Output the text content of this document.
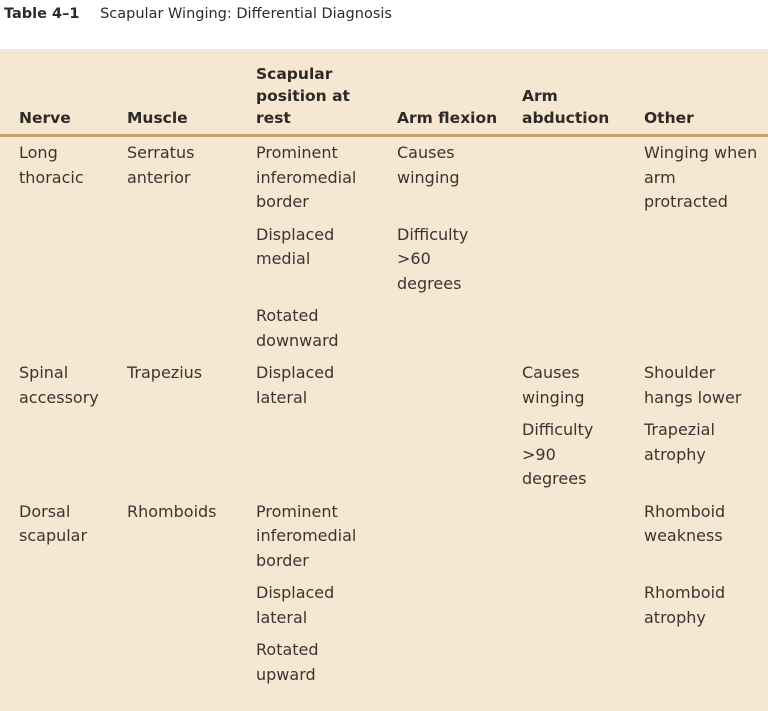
Table 4–1 Scapular Winging: Differential Diagnosis
Nerve	Muscle	Scapular position at rest	Arm flexion	Arm abduction	Other
Long thoracic	Serratus anterior	Prominent inferomedial border	Causes winging		Winging when arm protracted
		Displaced medial	Difficulty >60 degrees		
		Rotated downward			
Spinal accessory	Trapezius	Displaced lateral		Causes winging	Shoulder hangs lower
				Difficulty >90 degrees	Trapezial atrophy
Dorsal scapular	Rhomboids	Prominent inferomedial border			Rhomboid weakness
		Displaced lateral			Rhomboid atrophy
		Rotated upward			
